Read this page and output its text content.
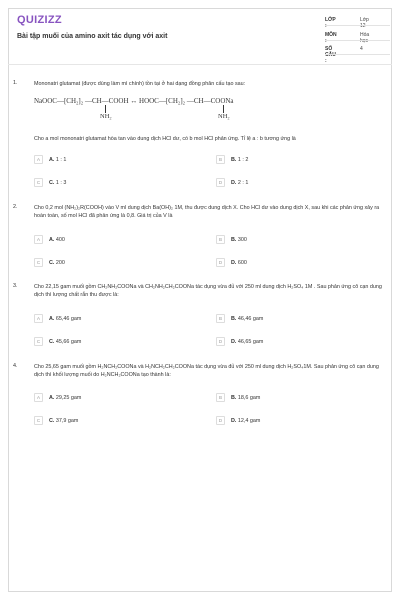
QUIZIZZ
Bài tập muối của amino axit tác dụng với axit
LỚP :
Lớp 12
MÔN :
Hóa học
SỐ CÂU :
4
1.	Mononatri glutamat (được dùng làm mì chính) tồn tại ở hai dạng đồng phân cấu tạo sau:
NaOOC—[CH₂]₂ —CH—COOH ↔ HOOC—[CH₂]₂ —CH—COONa
NH₂	NH₂
Cho a mol mononatri glutamat hòa tan vào dung dịch HCl dư, có b mol HCl phản ứng. Tỉ lệ a : b tương ứng là
A	A. 1 : 1	B	B. 1 : 2
C	C. 1 : 3	D	D. 2 : 1
2.	Cho 0,2 mol (NH₂)₂R(COOH) vào V ml dung dịch Ba(OH)₂ 1M, thu được dung dịch X. Cho HCl dư vào dung dịch X, sau khi các phản ứng xảy ra hoàn toàn, số mol HCl đã phản ứng là 0,8. Giá trị của V là
A	A. 400	B	B. 300
C	C. 200	D	D. 600
3.	Cho 22,15 gam muối gồm CH₂NH₂COONa và CH₂NH₂CH₂COONa tác dụng vừa đủ với 250 ml dung dịch H₂SO₄ 1M . Sau phản ứng cô cạn dung dịch thì lượng chất rắn thu được là:
A	A. 65,46 gam	B	B. 46,46 gam
C	C. 45,66 gam	D	D. 46,65 gam
4.	Cho 25,65 gam muối gồm H₂NCH₂COONa và H₂NCH₂CH₂COONa tác dụng vừa đủ với 250 ml dung dịch H₂SO₄1M. Sau phản ứng cô cạn dung dịch thì khối lượng muối do H₂NCH₂COONa tạo thành là:
A	A. 29,25 gam	B	B. 18,6 gam
C	C. 37,9 gam	D	D. 12,4 gam
